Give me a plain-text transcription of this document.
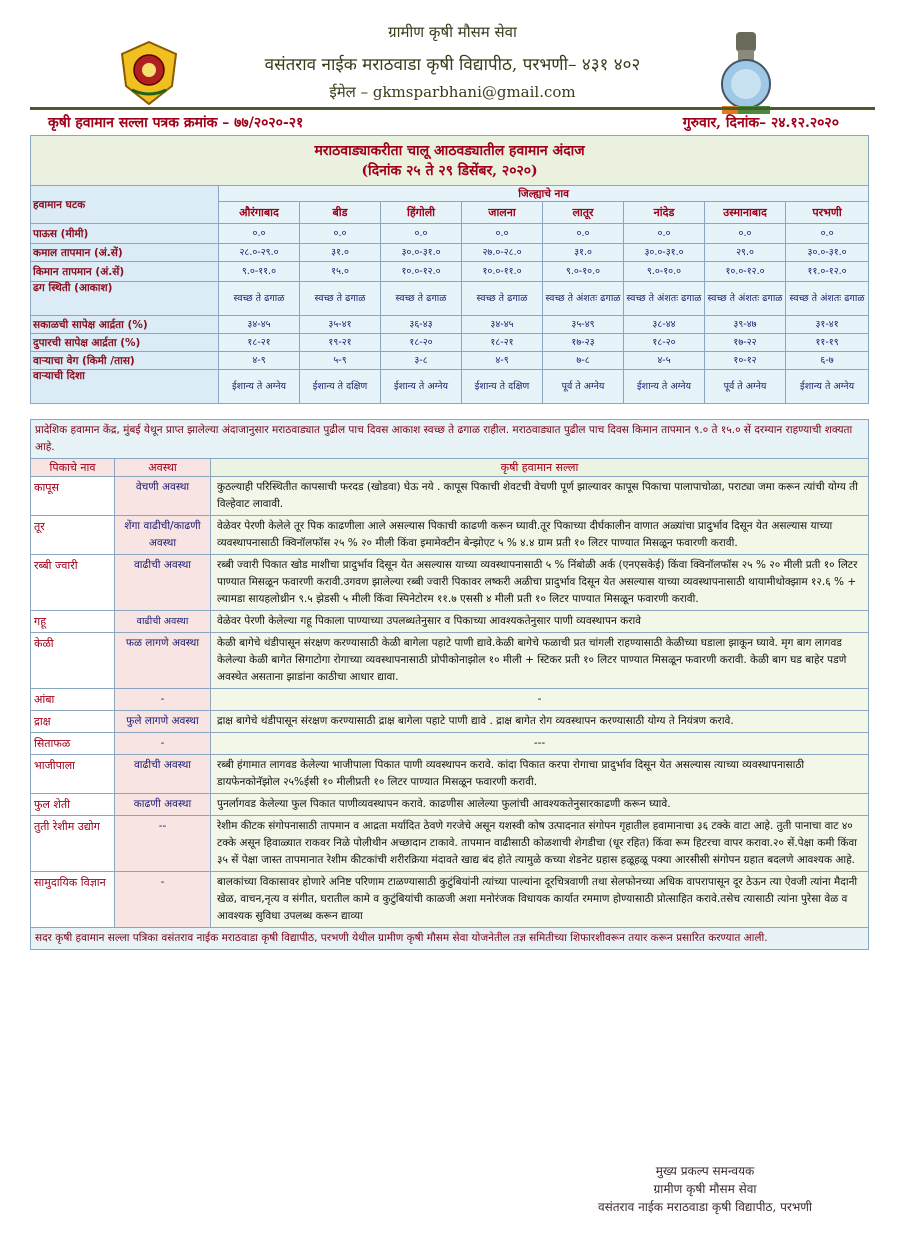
ग्रामीण कृषी मौसम सेवा
वसंतराव नाईक मराठवाडा कृषी विद्यापीठ, परभणी– ४३१ ४०२
ईमेल – gkmsparbhani@gmail.com
कृषी हवामान सल्ला पत्रक क्रमांक – ७७/२०२०-२१	गुरुवार, दिनांक– २४.१२.२०२०
मराठवाड्याकरीता चालू आठवड्यातील हवामान अंदाज
(दिनांक २५ ते २९ डिसेंबर, २०२०)								

हवामान घटक	जिल्ह्याचे नाव							
	औरंगाबाद	बीड	हिंगोली	जालना	लातूर	नांदेड	उस्मानाबाद	परभणी
पाऊस (मीमी)	०.०	०.०	०.०	०.०	०.०	०.०	०.०	०.०
कमाल तापमान (अं.सें)	२८.०-२९.०	३१.०	३०.०-३१.०	२७.०-२८.०	३१.०	३०.०-३१.०	२९.०	३०.०-३१.०
किमान तापमान (अं.सें)	९.०-११.०	१५.०	१०.०-१२.०	१०.०-११.०	९.०-१०.०	९.०-१०.०	१०.०-१२.०	११.०-१२.०
ढग स्थिती (आकाश)	स्वच्छ ते ढगाळ	स्वच्छ ते ढगाळ	स्वच्छ ते ढगाळ	स्वच्छ ते ढगाळ	स्वच्छ ते अंशतः ढगाळ	स्वच्छ ते अंशतः ढगाळ	स्वच्छ ते अंशतः ढगाळ	स्वच्छ ते अंशतः ढगाळ
सकाळची सापेक्ष आर्द्रता (%)	३४-४५	३५-४१	३६-४३	३४-४५	३५-४९	३८-४४	३९-४७	३१-४१
दुपारची सापेक्ष आर्द्रता (%)	१८-२१	१९-२१	१८-२०	१८-२१	१७-२३	१८-२०	१७-२२	११-१९
वाऱ्याचा वेग (किमी /तास)	४-९	५-९	३-८	४-९	७-८	४-५	१०-१२	६-७
वाऱ्याची दिशा	ईशान्य ते अग्नेय	ईशान्य ते दक्षिण	ईशान्य ते अग्नेय	ईशान्य ते दक्षिण	पूर्व ते अग्नेय	ईशान्य ते अग्नेय	पूर्व ते अग्नेय	ईशान्य ते अग्नेय
प्रादेशिक हवामान केंद्र, मुंबई येथून प्राप्त झालेल्या अंदाजानुसार मराठवाड्यात पुढील पाच दिवस आकाश स्वच्छ ते ढगाळ राहील. मराठवाड्यात पुढील पाच दिवस किमान तापमान ९.० ते १५.० सें दरम्यान राहण्याची शक्यता आहे.		
पिकाचे नाव	अवस्था	कृषी हवामान सल्ला
कापूस	वेचणी अवस्था	कुठल्याही परिस्थितीत कापसाची फरदड (खोडवा) घेऊ नये . कापूस पिकाची शेवटची वेचणी पूर्ण झाल्यावर कापूस पिकाचा पालापाचोळा, पराट्या जमा करून त्यांची योग्य ती विल्हेवाट लावावी.
तूर	शेंगा वाढीची/काढणी अवस्था	वेळेवर पेरणी केलेले तूर पिक काढणीला आले असल्यास पिकाची काढणी करून घ्यावी.तूर पिकाच्या दीर्घकालीन वाणात अळ्यांचा प्रादुर्भाव दिसून येत असल्यास याच्या व्यवस्थापनासाठी क्विनॉलफॉस २५ % २० मीली किंवा इमामेक्टीन बेन्झोएट ५ % ४.४ ग्राम प्रती १० लिटर पाण्यात मिसळून फवारणी करावी.
रब्बी ज्वारी	वाढीची अवस्था	रब्बी ज्वारी पिकात खोड माशीचा प्रादुर्भाव दिसून येत असल्यास याच्या व्यवस्थापनासाठी ५ % निंबोळी अर्क (एनएसकेई) किंवा क्विनॉलफॉस २५ % २० मीली प्रती १० लिटर पाण्यात मिसळून फवारणी करावी.उगवण झालेल्या रब्बी ज्वारी पिकावर लष्करी अळीचा प्रादुर्भाव दिसून येत असल्यास याच्या व्यवस्थापनासाठी थायामीथोक्झाम १२.६ % + ल्यामडा सायहलोथ्रीन ९.५ झेडसी ५ मीली किंवा स्पिनेटोरम ११.७ एससी ४ मीली प्रती १० लिटर पाण्यात मिसळून फवारणी करावी.
गहू	वाढीची अवस्था	वेळेवर पेरणी केलेल्या गहू पिकाला पाण्याच्या उपलब्धतेनुसार व पिकाच्या आवश्यकतेनुसार पाणी व्यवस्थापन करावे
केळी	फळ लागणे अवस्था	केळी बागेचे थंडीपासून संरक्षण करण्यासाठी केळी बागेला पहाटे पाणी द्यावे.केळी बागेचे फळाची प्रत चांगली राहण्यासाठी केळीच्या घडाला झाकून घ्यावे. मृग बाग लागवड केलेल्या केळी बागेत सिगाटोगा रोगाच्या व्यवस्थापनासाठी प्रोपीकोनाझोल १० मीली + स्टिकर प्रती १० लिटर पाण्यात मिसळून फवारणी करावी. केळी बाग घड बाहेर पडणे अवस्थेत असताना झाडांना काठीचा आधार द्यावा.
आंबा	-	-
द्राक्ष	फुले लागणे अवस्था	द्राक्ष बागेचे थंडीपासून संरक्षण करण्यासाठी द्राक्ष बागेला पहाटे पाणी द्यावे . द्राक्ष बागेत रोग व्यवस्थापन करण्यासाठी योग्य ते नियंत्रण करावे.
सिताफळ	-	---
भाजीपाला	वाढीची अवस्था	रब्बी हंगामात लागवड केलेल्या भाजीपाला पिकात पाणी व्यवस्थापन करावे. कांदा पिकात करपा रोगाचा प्रादुर्भाव दिसून येत असल्यास त्याच्या व्यवस्थापनासाठी डायफेनकोनॅझोल २५%ईसी १० मीलीप्रती १० लिटर पाण्यात मिसळून फवारणी करावी.
फुल शेती	काढणी अवस्था	पुनर्लागवड केलेल्या फुल पिकात पाणीव्यवस्थापन करावे. काढणीस आलेल्या फुलांची आवश्यकतेनुसारकाढणी करून घ्यावे.
तुती रेशीम उद्योग	--	रेशीम कीटक संगोपनासाठी तापमान व आद्रता मर्यादित ठेवणे गरजेचे असून यशस्वी कोष उत्पादनात संगोपन गृहातील हवामानाचा ३६ टक्के वाटा आहे. तुती पानाचा वाट ४० टक्के असून हिवाळ्यात राकवर निळे पोलीथीन अच्छादान टाकावे. तापमान वाढीसाठी कोळशाची शेगडीचा (धूर रहित) किंवा रूम हिटरचा वापर करावा.२० सें.पेक्षा कमी किंवा ३५ सें पेक्षा जास्त तापमानात रेशीम कीटकांची शरीरक्रिया मंदावते खाद्य बंद होते त्यामुळे कच्या शेडनेट ग्रहास हळूहळू पक्या आरसीसी संगोपन ग्रहात बदलणे आवश्यक आहे.
सामुदायिक विज्ञान	-	बालकांच्या विकासावर होणारे अनिष्ट परिणाम टाळण्यासाठी कुटुंबियांनी त्यांच्या पाल्यांना दूरचित्रवाणी तथा सेलफोनच्या अधिक वापरापासून दूर ठेऊन त्या ऐवजी त्यांना मैदानी खेळ, वाचन,नृत्य व संगीत, घरातील कामे व कुटुंबियांची काळजी अशा मनोरंजक विधायक कार्यात रममाण होण्यासाठी प्रोत्साहित करावे.तसेच त्यासाठी त्यांना पुरेसा वेळ व आवश्यक सुविधा उपलब्ध करून द्याव्या
सदर कृषी हवामान सल्ला पत्रिका वसंतराव नाईक मराठवाडा कृषी विद्यापीठ, परभणी येथील ग्रामीण कृषी मौसम सेवा योजनेतील तज्ञ समितीच्या शिफारशीवरून तयार करून प्रसारित करण्यात आली.		
मुख्य प्रकल्प समन्वयक
ग्रामीण कृषी मौसम सेवा
वसंतराव नाईक मराठवाडा कृषी विद्यापीठ, परभणी
